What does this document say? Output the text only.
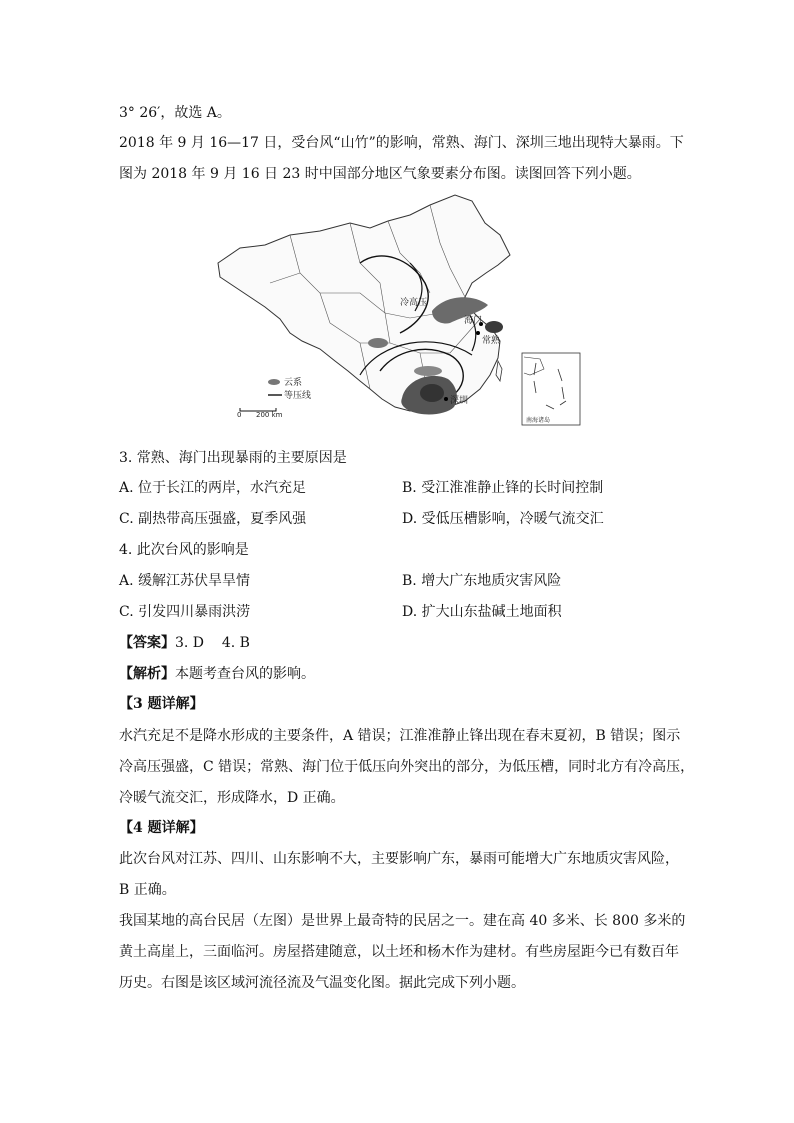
3° 26′，故选 A。
2018 年 9 月 16—17 日，受台风“山竹”的影响，常熟、海门、深圳三地出现特大暴雨。下
图为 2018 年 9 月 16 日 23 时中国部分地区气象要素分布图。读图回答下列小题。
冷高压
海门
常熟
深圳
南海诸岛
云系
等压线
0 200 km
3. 常熟、海门出现暴雨的主要原因是
A. 位于长江的两岸，水汽充足	B. 受江淮准静止锋的长时间控制
C. 副热带高压强盛，夏季风强	D. 受低压槽影响，冷暖气流交汇
4. 此次台风的影响是
A. 缓解江苏伏旱旱情	B. 增大广东地质灾害风险
C. 引发四川暴雨洪涝	D. 扩大山东盐碱土地面积
【答案】3. D    4. B
【解析】本题考查台风的影响。
【3 题详解】
水汽充足不是降水形成的主要条件，A 错误；江淮准静止锋出现在春末夏初，B 错误；图示
冷高压强盛，C 错误；常熟、海门位于低压向外突出的部分，为低压槽，同时北方有冷高压，
冷暖气流交汇，形成降水，D 正确。
【4 题详解】
此次台风对江苏、四川、山东影响不大，主要影响广东，暴雨可能增大广东地质灾害风险，
B 正确。
我国某地的高台民居（左图）是世界上最奇特的民居之一。建在高 40 多米、长 800 多米的
黄土高崖上，三面临河。房屋搭建随意，以土坯和杨木作为建材。有些房屋距今已有数百年
历史。右图是该区域河流径流及气温变化图。据此完成下列小题。
